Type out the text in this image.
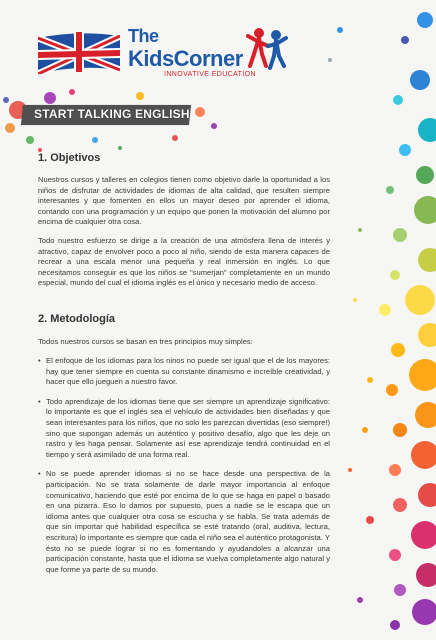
The
KidsCorner
INNOVATIVE EDUCATION
START TALKING ENGLISH
1. Objetivos

Nuestros cursos y talleres en colegios tienen como objetivo darle la oportunidad a los niños de disfrutar de actividades de idiomas de alta calidad, que resulten siempre interesantes y que fomenten en ellos un mayor deseo por aprender el idioma, contando con una programación y un equipo que ponen la motivación del alumno por encima de cualquier otra cosa.

Todo nuestro esfuerzo se dirige a la creación de una atmósfera llena de interés y atractivo, capaz de envolver poco a poco al niño, siendo de esta manera capaces de recrear a una escala menor una pequeña y real inmersión en inglés. Lo que necesitamos conseguir es que los niños se "sumerjan" completamente en un mundo especial, mundo del cual el idioma inglés es el único y necesario medio de acceso.

2. Metodología

Todos nuestros cursos se basan en tres principios muy simples:

• El enfoque de los idiomas para los ninos no puede ser igual que el de los mayores: hay que tener siempre en cuenta su constante dinamismo e increíble creatividad, y hacer que ello jueguen a nuestro favor.
• Todo aprendizaje de los idiomas tiene que ser siempre un aprendizaje significativo: lo importante es que el inglés sea el vehículo de actividades bien diseñadas y que sean interesantes para los niños, que no solo les parezcan divertidas (eso siempre!) sino que supongan además un auténtico y positivo desafío, algo que les deje un rastro y les haga pensar. Solamente así ese aprendizaje tendrá continuidad en el tiempo y será asimilado de una forma real.
• No se puede aprender idiomas si no se hace desde una perspectiva de la participación. No se trata solamente de darle mayor importancia al enfoque comunicativo, haciendo que esté por encima de lo que se haga en papel o basado en una pizarra. Eso lo damos por supuesto, pues a nadie se le escapa que un idioma antes que cualquier otra cosa se escucha y se habla. Se trata además de que sin importar qué habilidad específica se esté tratando (oral, auditiva, lectura, escritura) lo importante es siempre que cada el niño sea el auténtico protagonista. Y ésto no se puede lograr si no es fomentando y ayudandoles a alcanzar una participación constante, hasta que el idioma se vuelva completamente algo natural y que forme ya parte de su mundo.
